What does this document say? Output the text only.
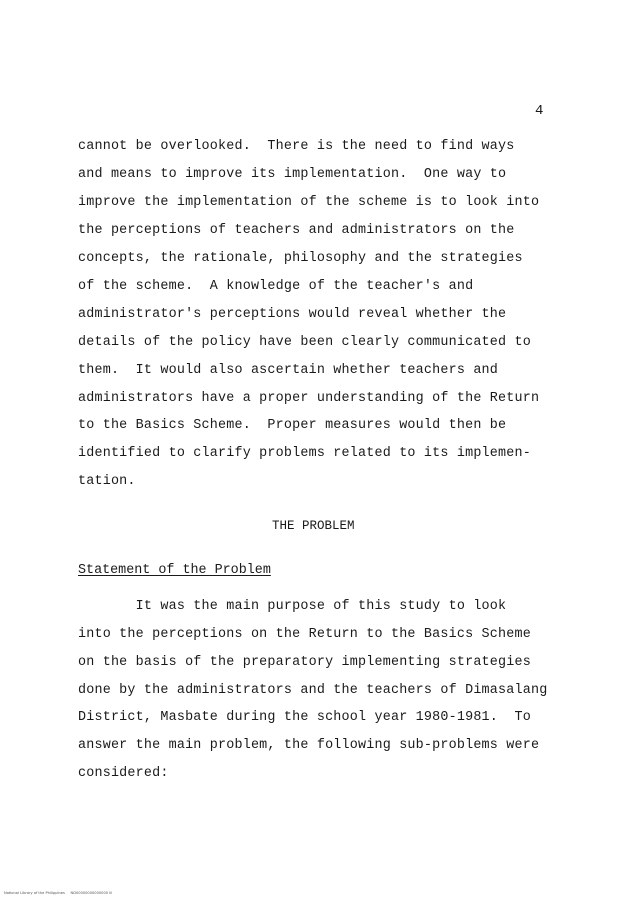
4
cannot be overlooked.  There is the need to find ways
and means to improve its implementation.  One way to
improve the implementation of the scheme is to look into
the perceptions of teachers and administrators on the
concepts, the rationale, philosophy and the strategies
of the scheme.  A knowledge of the teacher's and
administrator's perceptions would reveal whether the
details of the policy have been clearly communicated to
them.  It would also ascertain whether teachers and
administrators have a proper understanding of the Return
to the Basics Scheme.  Proper measures would then be
identified to clarify problems related to its implemen-
tation.
THE PROBLEM
Statement of the Problem
It was the main purpose of this study to look
into the perceptions on the Return to the Basics Scheme
on the basis of the preparatory implementing strategies
done by the administrators and the teachers of Dimasalang
District, Masbate during the school year 1980-1981.  To
answer the main problem, the following sub-problems were
considered:
National Library of the Philippines     ND00000000000000 lil
